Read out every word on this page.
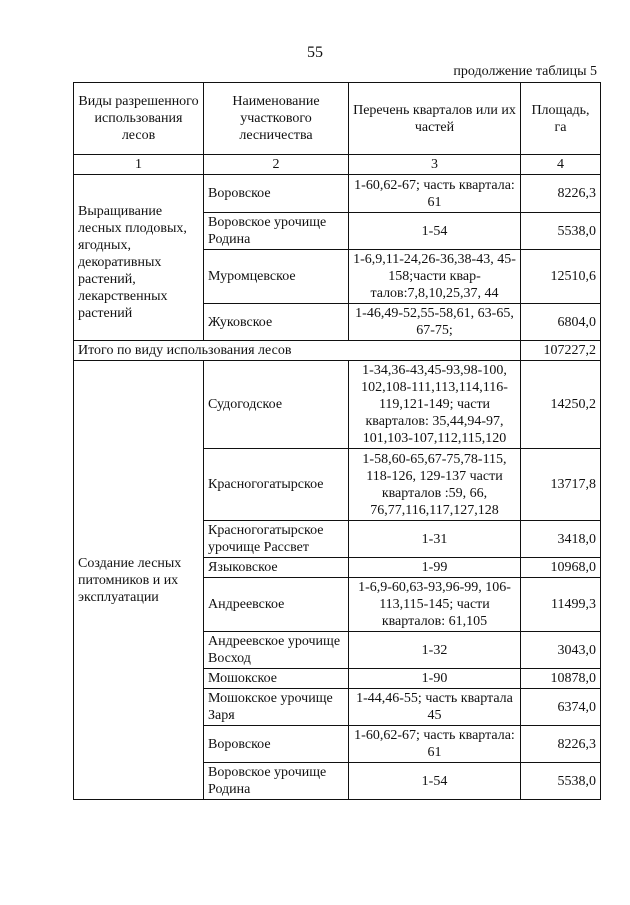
55
продолжение таблицы 5
Виды разрешенного использования лесов	Наименование участкового лесничества	Перечень кварталов или их частей	Площадь, га
1	2	3	4
Выращивание лесных плодовых, ягодных, декоративных растений, лекарственных растений	Воровское	1-60,62-67; часть квартала: 61	8226,3
	Воровское урочище Родина	1-54	5538,0
	Муромцевское	1-6,9,11-24,26-36,38-43, 45-158;части квар-талов:7,8,10,25,37, 44	12510,6
	Жуковское	1-46,49-52,55-58,61, 63-65, 67-75;	6804,0
Итого по виду использования лесов			107227,2
Создание лесных питомников и их эксплуатации	Судогодское	1-34,36-43,45-93,98-100, 102,108-111,113,114,116-119,121-149; части кварталов: 35,44,94-97, 101,103-107,112,115,120	14250,2
	Красногогатырское	1-58,60-65,67-75,78-115, 118-126, 129-137 части кварталов :59, 66, 76,77,116,117,127,128	13717,8
	Красногогатырское урочище Рассвет	1-31	3418,0
	Языковское	1-99	10968,0
	Андреевское	1-6,9-60,63-93,96-99, 106-113,115-145; части кварталов: 61,105	11499,3
	Андреевское урочище Восход	1-32	3043,0
	Мошокское	1-90	10878,0
	Мошокское урочище Заря	1-44,46-55; часть квартала 45	6374,0
	Воровское	1-60,62-67; часть квартала: 61	8226,3
	Воровское урочище Родина	1-54	5538,0
